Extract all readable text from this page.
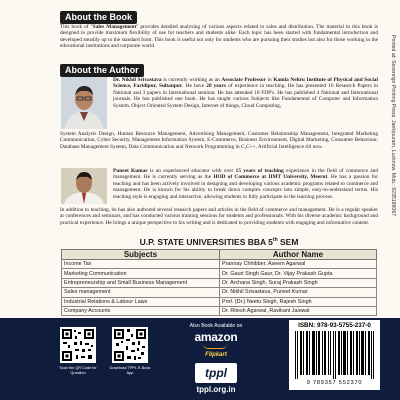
About the Book

This book of "Sales Management" provides detailed analysing of various aspects related to sales and distribution. The material in this book is designed to provide maximum flexibility of use for teachers and students alike. Each topic has been started with fundamental introduction and developed steadily up to the standard form. This book is useful not only for students who are pursuing their studies but also for those working in the educational institutions and corporate world.

About the Author

Dr. Nikhil Srivastava is currently working as an Associate Professor in Kamla Nehru Institute of Physical and Social Science, Faridipur, Sultanpur. He have 20 years of experience in teaching. He has presented 16 Research Papers in National and 3 papers in International seminar. He has attended 10 FDP's. He has published 4 National and International journals. He has published one book. He has taught various Subjects like Fundamental of Computer and Information System. Object Oriented System Design, Internet of things, Cloud Computing,

System Analysis Design, Human Resource Management, Advertising Management, Customer Relationship Management, Integrated Marketing Communication, Cyber Security, Management Information System, E-Commerce, Business Environment, Digital Marketing, Consumer Behaviour, Database Management System, Data Communication and Network Programming in C,C++, Artificial Intelligence till now.

Puneet Kumar is an experienced educator with over 15 years of teaching experience in the field of commerce and management. He is currently serving as the HOD of Commerce at IIMT University, Meerut. He has a passion for teaching and has been actively involved in designing and developing various academic programs related to commerce and management. He is known for his ability to break down complex concepts into simple, easy-to-understand terms. His teaching style is engaging and interactive, allowing students to fully participate in the learning process.

In addition to teaching, he has also authored several research papers and articles in the field of commerce and management. He is a regular speaker at conferences and seminars, and has conducted various training sessions for students and professionals. With his diverse academic background and practical experience. He brings a unique perspective to his writing and is dedicated to providing students with engaging and informative content.

Printed at: Sovereign Printing Press, Jankipuram, Lucknow. Mob.: 9235189067
U.P. STATE UNIVERSITIES BBA 5th SEM
Subjects	Author Name
Income Tax	Prannay Chhibber, Aseem Agarwal
Marketing Communication	Dr. Gauri Singh Gaur, Dr. Vijay Prakash Gupta
Entrepreneurship and Small Business Management	Dr. Archana Singh, Suraj Prakash Singh
Sales management	Dr. Nikhil Srivastava, Puneet Kumar
Industrial Relations & Labour Laws	Prof. (Dr.) Neetu Singh, Rajesh Singh
Company Accounts	Dr. Ritesh Agarwal, Ravikant Jaiswal
Scan the QR Code for Question
Download TPPL E-Book App
Also Book Available on
amazon
Flipkart
tppl
tppl.org.in
ISBN: 978-93-5755-237-0
9 789357 552370
